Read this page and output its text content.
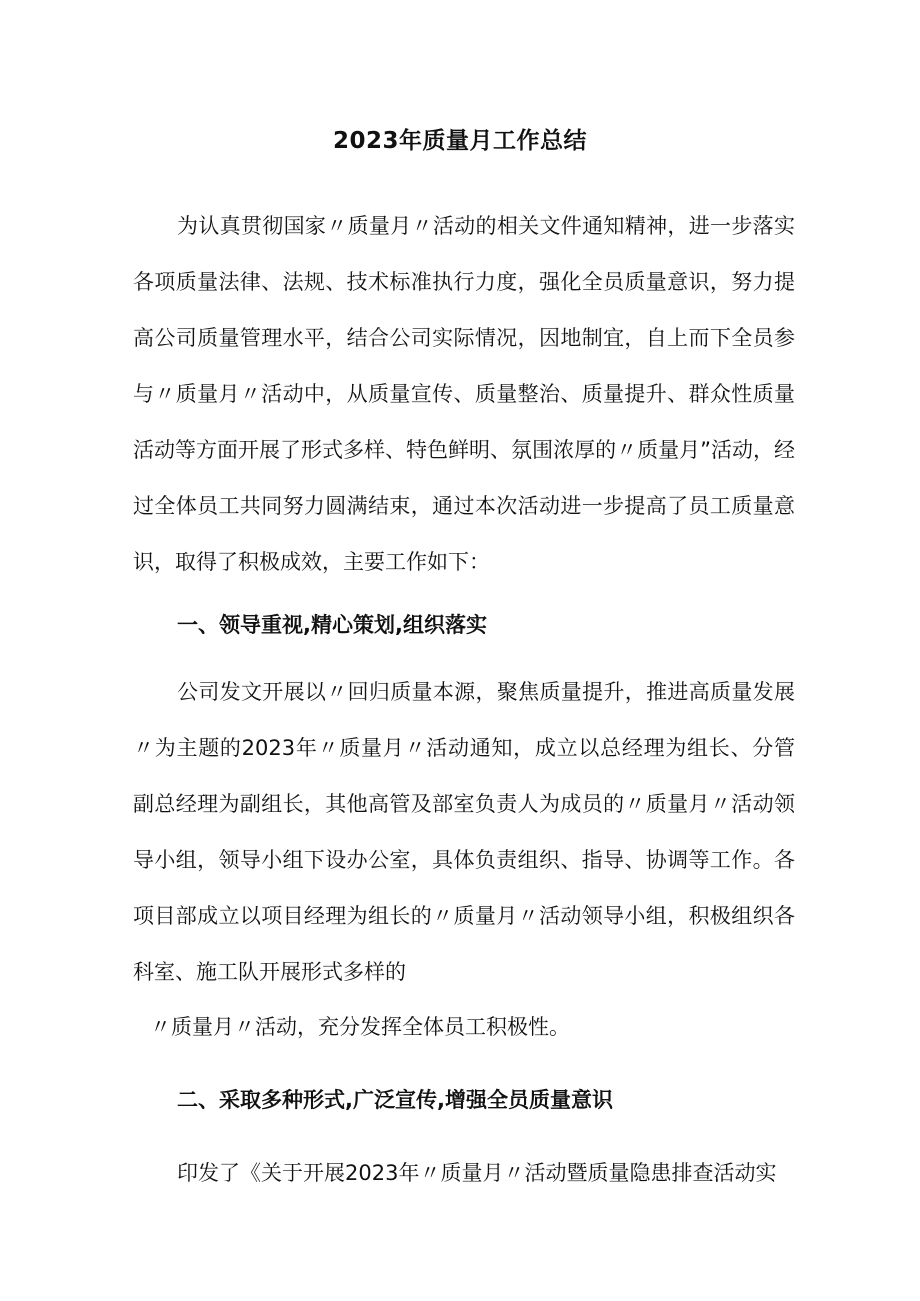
2023年质量月工作总结

为认真贯彻国家〃质量月〃活动的相关文件通知精神，进一步落实各项质量法律、法规、技术标准执行力度，强化全员质量意识，努力提高公司质量管理水平，结合公司实际情况，因地制宜，自上而下全员参与〃质量月〃活动中，从质量宣传、质量整治、质量提升、群众性质量活动等方面开展了形式多样、特色鲜明、氛围浓厚的〃质量月”活动，经过全体员工共同努力圆满结束，通过本次活动进一步提高了员工质量意识，取得了积极成效，主要工作如下：

一、领导重视,精心策划,组织落实

公司发文开展以〃回归质量本源，聚焦质量提升，推进高质量发展〃为主题的2023年〃质量月〃活动通知，成立以总经理为组长、分管副总经理为副组长，其他高管及部室负责人为成员的〃质量月〃活动领导小组，领导小组下设办公室，具体负责组织、指导、协调等工作。各项目部成立以项目经理为组长的〃质量月〃活动领导小组，积极组织各科室、施工队开展形式多样的

〃质量月〃活动，充分发挥全体员工积极性。

二、采取多种形式,广泛宣传,增强全员质量意识

印发了《关于开展2023年〃质量月〃活动暨质量隐患排查活动实
